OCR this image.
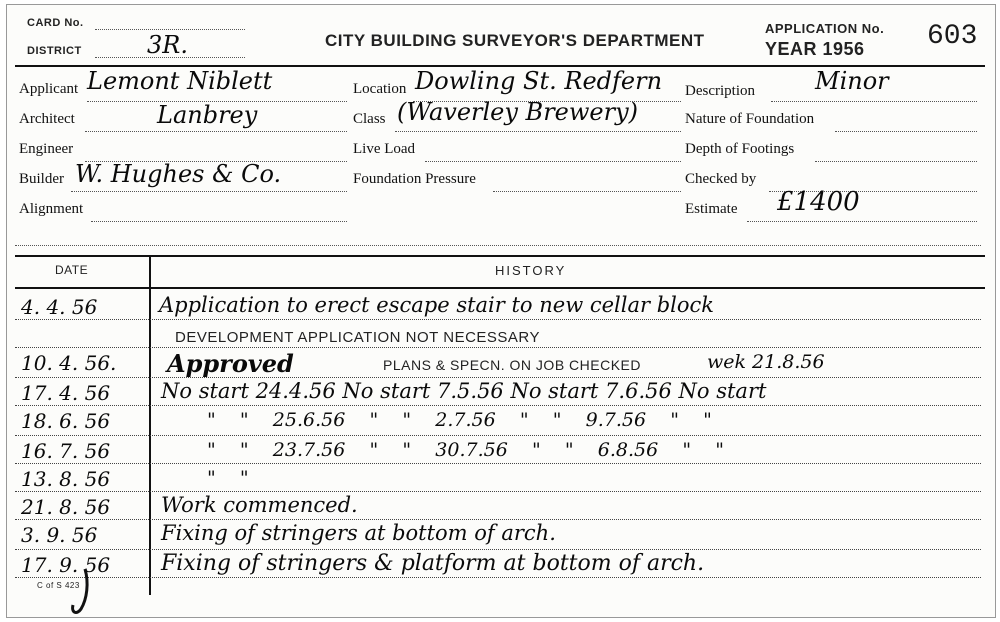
CARD No.
DISTRICT	3R.	CITY BUILDING SURVEYOR'S DEPARTMENT
APPLICATION No.
YEAR 1956 603
Applicant Lemont Niblett
Architect	Lanbrey
Engineer
Builder W. Hughes & Co.
Alignment
Location Dowling St. Redfern
Class (Waverley Brewery)
Live Load
Foundation Pressure
Description	Minor
Nature of Foundation
Depth of Footings
Checked by
Estimate £1400
DATE	HISTORY
4. 4. 56	Application to erect escape stair to new cellar block
DEVELOPMENT APPLICATION NOT NECESSARY
10. 4. 56. Approved	PLANS & SPECN. ON JOB CHECKED	wek 21.8.56
17. 4. 56 No start 24.4.56 No start 7.5.56 No start 7.6.56 No start
18. 6. 56	"    "    25.6.56    "    "    2.7.56    "    "    9.7.56    "    "
16. 7. 56	"    "    23.7.56    "    "    30.7.56    "    "    6.8.56    "    "
13. 8. 56	"    "
21. 8. 56 Work commenced.
3. 9. 56	Fixing of stringers at bottom of arch.
17. 9. 56 Fixing of stringers & platform at bottom of arch.
C of S 423
